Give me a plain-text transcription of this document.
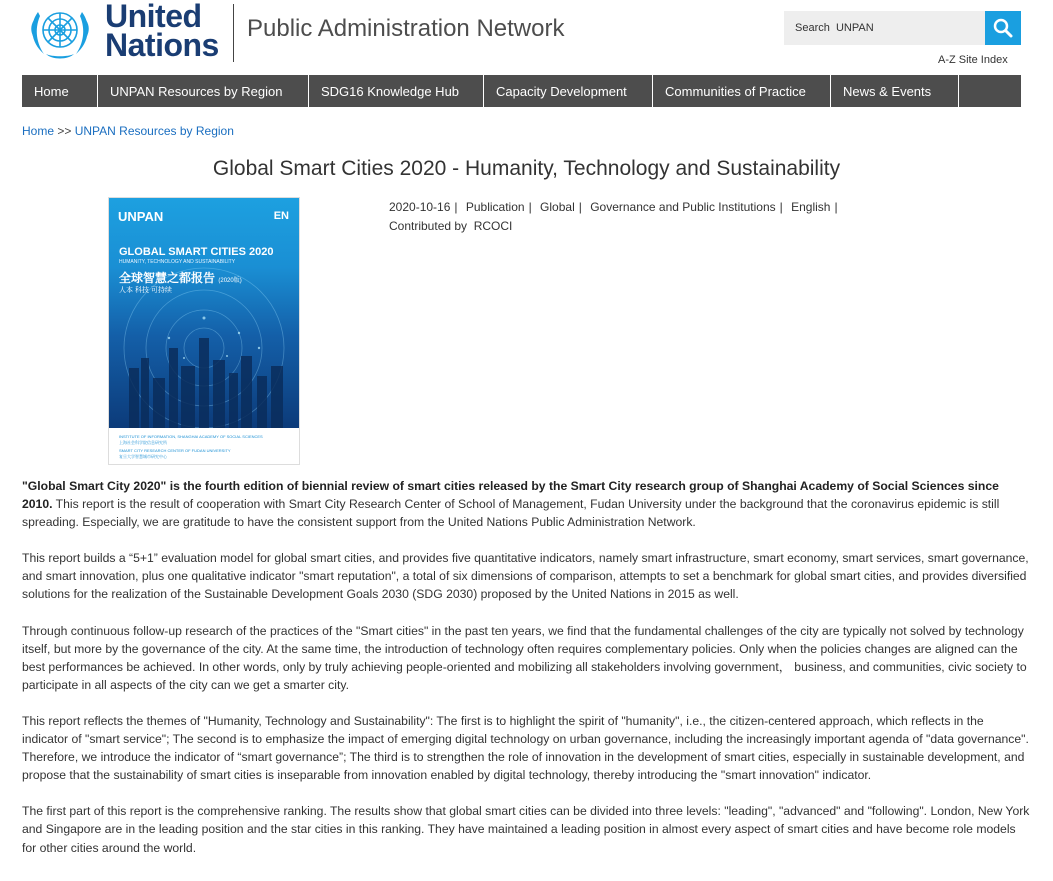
United
Nations Public Administration Network
Search UNPAN
A-Z Site Index
Home	UNPAN Resources by Region	SDG16 Knowledge Hub	Capacity Development	Communities of Practice	News & Events
Home >> UNPAN Resources by Region
Global Smart Cities 2020 - Humanity, Technology and Sustainability
UNPAN	EN
GLOBAL SMART CITIES 2020
HUMANITY, TECHNOLOGY AND SUSTAINABILITY
全球智慧之都报告 (2020版)
人本 科技 可持续
INSTITUTE OF INFORMATION, SHANGHAI ACADEMY OF SOCIAL SCIENCES
上海社会科学院信息研究所
SMART CITY RESEARCH CENTER OF FUDAN UNIVERSITY
复旦大学智慧城市研究中心
2020-10-16 | Publication | Global | Governance and Public Institutions | English |
Contributed by RCOCI

"Global Smart City 2020" is the fourth edition of biennial review of smart cities released by the Smart City research group of Shanghai Academy of Social Sciences since 2010. This report is the result of cooperation with Smart City Research Center of School of Management, Fudan University under the background that the coronavirus epidemic is still spreading. Especially, we are gratitude to have the consistent support from the United Nations Public Administration Network.

This report builds a “5+1” evaluation model for global smart cities, and provides five quantitative indicators, namely smart infrastructure, smart economy, smart services, smart governance, and smart innovation, plus one qualitative indicator "smart reputation", a total of six dimensions of comparison, attempts to set a benchmark for global smart cities, and provides diversified solutions for the realization of the Sustainable Development Goals 2030 (SDG 2030) proposed by the United Nations in 2015 as well.

Through continuous follow-up research of the practices of the "Smart cities" in the past ten years, we find that the fundamental challenges of the city are typically not solved by technology itself, but more by the governance of the city. At the same time, the introduction of technology often requires complementary policies. Only when the policies changes are aligned can the best performances be achieved. In other words, only by truly achieving people-oriented and mobilizing all stakeholders involving government， business, and communities, civic society to participate in all aspects of the city can we get a smarter city.

This report reflects the themes of "Humanity, Technology and Sustainability": The first is to highlight the spirit of "humanity", i.e., the citizen-centered approach, which reflects in the indicator of "smart service"; The second is to emphasize the impact of emerging digital technology on urban governance, including the increasingly important agenda of "data governance". Therefore, we introduce the indicator of “smart governance”; The third is to strengthen the role of innovation in the development of smart cities, especially in sustainable development, and propose that the sustainability of smart cities is inseparable from innovation enabled by digital technology, thereby introducing the "smart innovation" indicator.

The first part of this report is the comprehensive ranking. The results show that global smart cities can be divided into three levels: "leading", "advanced" and "following". London, New York and Singapore are in the leading position and the star cities in this ranking. They have maintained a leading position in almost every aspect of smart cities and have become role models for other cities around the world.
